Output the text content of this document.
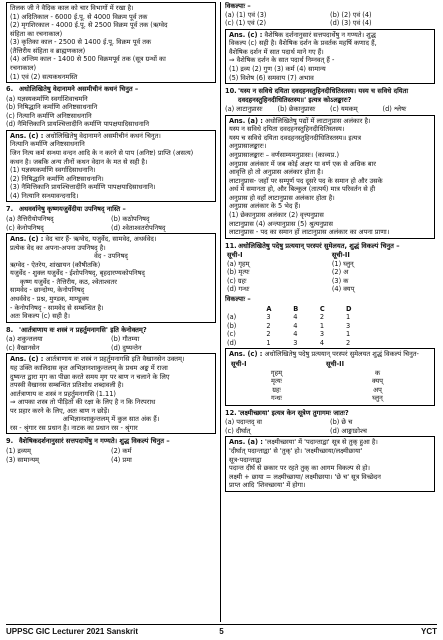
तिलक जी ने वैदिक काल को चार विभागों में रखा है।

(1) अदितिकाल - 6000 ई.पू. से 4000 विक्रम पूर्व तक

(2) मृगशिरकाल - 4000 ई.पू. से 2500 विक्रम पूर्व तक (ऋग्वेद

संहिता का रचनाकाल)

(3) कृतिका काल - 2500 से 1400 ई.पू. विक्रम पूर्व तक

(तैत्तिरीय संहिता व ब्राह्मणकाल)

(4) अन्तिम काल - 1400 से 500 विक्रमपूर्व तक (सूत्र ग्रन्थों का

रचनाकाल)

(1) एवं (2) सत्यकथनमस्ति

6. अधोलिखितेषु वेदानामने असमीचीनं कथनं चिनुत –

(a) यज्ञस्यकर्माणि स्वर्गाशिवाचमनि

(b) निषिद्धानि कर्माणि अनिष्टसाधनानि

(c) नित्यानि कर्माणि अनिष्टसाधनानि

(d) नैमित्तिकानि प्रायश्चित्तादीनि कर्माणि पापक्षयादिसाधनानि

Ans. (c) : अधोलिखितेषु वेदानामने असमीचीनं कथनं चिनुत।

नित्यानि कर्माणि अनिष्टसाधनानि

जिन नित्य कर्म सन्ध्या वन्दन आदि के न करने से पाप (अनिष्ट) प्राप्ति (असत्य)

कथन है। जबकि अन्य तीनों कथन वेदान के मत से सही है।

(1) यज्ञस्यकर्माणि स्वर्गादिसाधनानि।

(2) निषिद्धानि कर्माणि अनिष्टसाधनानि।

(3) नैमित्तिकानि प्रायश्चित्तादीनि कर्माणि पापक्षयादिसाधनानि।

(4) नित्यानि सन्ध्यावन्दनादि।

7. अथवर्वानेषु कृष्णयजुर्वेदीया उपनिषद् नास्ति –
(a) तैत्तिरीयोपनिषद्	(b) कठोपनिषद्
(c) केनोपनिषद्	(d) श्वेताश्वतरोपनिषद्

Ans. (c) : वेद चार हैं- ऋग्वेद, यजुर्वेद, सामवेद, अथर्ववेद।

प्रत्येक वेद का अपना-अपना उपनिषद् है।

वेद - उपनिषद्

ऋग्वेद - ऐतरेय, शांखायन (कौषीतकि)

यजुर्वेद - शुक्ल यजुर्वेद - ईशोपनिषद्, बृहदारण्यकोपनिषद्

कृष्ण यजुर्वेद - तैत्तिरीय, कठ, श्वेताश्वतर

सामवेद - छान्दोग्य, केनोपनिषद्

अथर्ववेद - प्रश्न, मुण्डक, माण्डूक्य

- केनोपनिषद् - सामवेद से सम्बन्धित है।

अतः विकल्प (c) सही है।

8. 'आर्तत्राणाय वः शस्त्रं न प्रहर्तुमनागसि' इति केनोक्तम्?
(a) शकुन्तलया	(b) गौतम्या
(c) वैखानसेन	(d) दुष्यन्तेन

Ans. (c) : आर्तत्राणाय वः शस्त्रं न प्रहर्तुमनागसि इति वैखानसेन उक्तम्।

यह उक्ति कालिदास कृत अभिज्ञानशाकुन्तलम् के प्रथम अङ्क में राजा

दुष्यन्त द्वारा मृग का पीछा करते समय मृग पर बाण न चलाने के लिए

तपस्वी वैखानस सम्बन्धित प्रतिशोध शब्दावली है।

आर्तत्राणाय वः शस्त्रं न प्रहर्तुमनागसि (1.11)

⇒ आपका शस्त्र तो पीड़ितों की रक्षा के लिए है न कि निरपराध

पर प्रहार करने के लिए, अतः बाण न छोड़ें।

अभिज्ञानशाकुन्तलम् में कुल सात अंक हैं।

रस - श्रृंगार रस प्रधान है। नाटक का प्रधान रस - श्रृंगार

9. वैशेषिकदर्शनानुसारं सत्तपदार्थेषु न गण्यते। शुद्ध विकल्पं चिनुत –
(1) द्रव्यम्	(2) कर्म
(3) सामान्यम्	(4) प्रमा

विकल्पाः –

(a) (1) एवं (3)	(b) (2) एवं (4)
(c) (1) एवं (2)	(d) (3) एवं (4)

Ans. (c) : वैशेषिक दर्शनानुसारं सत्तपदार्थेषु न गण्यते। शुद्ध

विकल्प (c) सही है। वैशेषिक दर्शन के प्रवर्तक महर्षि कणाद हैं,

वैशेषिक दर्शन में सात पदार्थ माने गए हैं।

⇒ वैशेषिक दर्शन के सात पदार्थ निम्नवत् हैं -

(1) द्रव्य (2) गुण (3) कर्म (4) सामान्य

(5) विशेष (6) समवाय (7) अभाव

10. 'यस्य न सविधे दयिता दवदहनस्तुहिनदीधितिस्तस्य। यस्य च सविधे दयिता दवदहनस्तुहिनदीधितिस्तस्य॥' इत्यत्र कोऽलङ्कारः?
(a) लाटानुप्रासः	(b) छेकानुप्रासः	(c) यमकम्	(d) श्लेषः

Ans. (a) : अधोलिखितेषु पद्यों में लाटानुप्रास अलंकार है।

यस्य न सविधे दयिता दवदहनस्तुहिनदीधितिस्तस्य।

यस्य च सविधे दयिता दवदहनस्तुहिनदीधितिस्तस्य॥ इत्यत्र

अनुप्रासालङ्कारः।

अनुप्रासालङ्कारः – वर्णसाम्यमनुप्रासः। (काव्यप्र.)

अनुप्रास अलंकार में जब कोई अक्षर या वर्ण एक से अधिक बार

आवृत्ति हो तो अनुप्रास अलंकार होता है।

लाटानुप्रास- जहाँ पर सम्पूर्ण पद दूसरे पद के समान हो और उसके

अर्थ में समानता हो, और बिल्कुल (तात्पर्य) मात्र परिवर्तन से ही

अनुप्रास हो वहाँ लाटानुप्रास अलंकार होता है।

अनुप्रास अलंकार के 5 भेद हैं।

(1) छेकानुप्रास अलंकार (2) वृत्त्यनुप्रास

लाटानुप्रास (4) अन्त्यानुप्रास (5) श्रुत्यनुप्रास

लाटानुप्रास - पद का समान हों लाटानुप्रास अलंकार का अपना प्राणा।

11. अधोलिखितेषु पदेषु प्रत्ययान् परस्परं सुमेलयत, शुद्धं विकल्पं चिनुत –
सूची-I	सूची-II
(a) गृहम्	(1) घ्लुन्
(b) मृत्यः	(2) अ
(c) ग्रहः	(3) क
(d) गन्धः	(4) क्यप्

विकल्पाः –

	A	B	C	D
(a)	3	4	2	1
(b)	2	4	1	3
(c)	2	4	3	1
(d)	1	3	4	2

Ans. (c) : अधोलिखितेषु पदेषु प्रत्ययान् परस्परं सुमेलयत शुद्धं विकल्पं चिनुत-

सूची-I	सूची-II
गृहम्	क
मृत्यः	क्यप्
ग्रहः	अप्
गन्धः	घ्लुन्
12. 'लक्ष्मीच्छाया' इत्यत्र केन सूत्रेण तुगागमः जातः?
(a) पदान्तद् वा	(b) छे च
(c) दीर्घात्	(d) आङ्माङोश्च

Ans. (a) : 'लक्ष्मीच्छाया' में 'पदान्ताद्वा' सूत्र से तुक् हुआ है।

'दीर्घात् पदान्ताद्वा' से 'तुक्' हो। 'लक्ष्मीच्छाया/लक्ष्मीछाया'

सूत्र-पदान्ताद्वा

पदान्त दीर्घ से छकार पर रहते तुक् का आगम विकल्प से हो।

लक्ष्मी + छाया = लक्ष्मीच्छाया/ लक्ष्मीछाया। 'छे च' सूत्र विच्छेदन

प्राप्त आदि 'शिवच्छाया' में होगा।

UPPSC GIC Lecturer 2021 Sanskrit	5	YCT
